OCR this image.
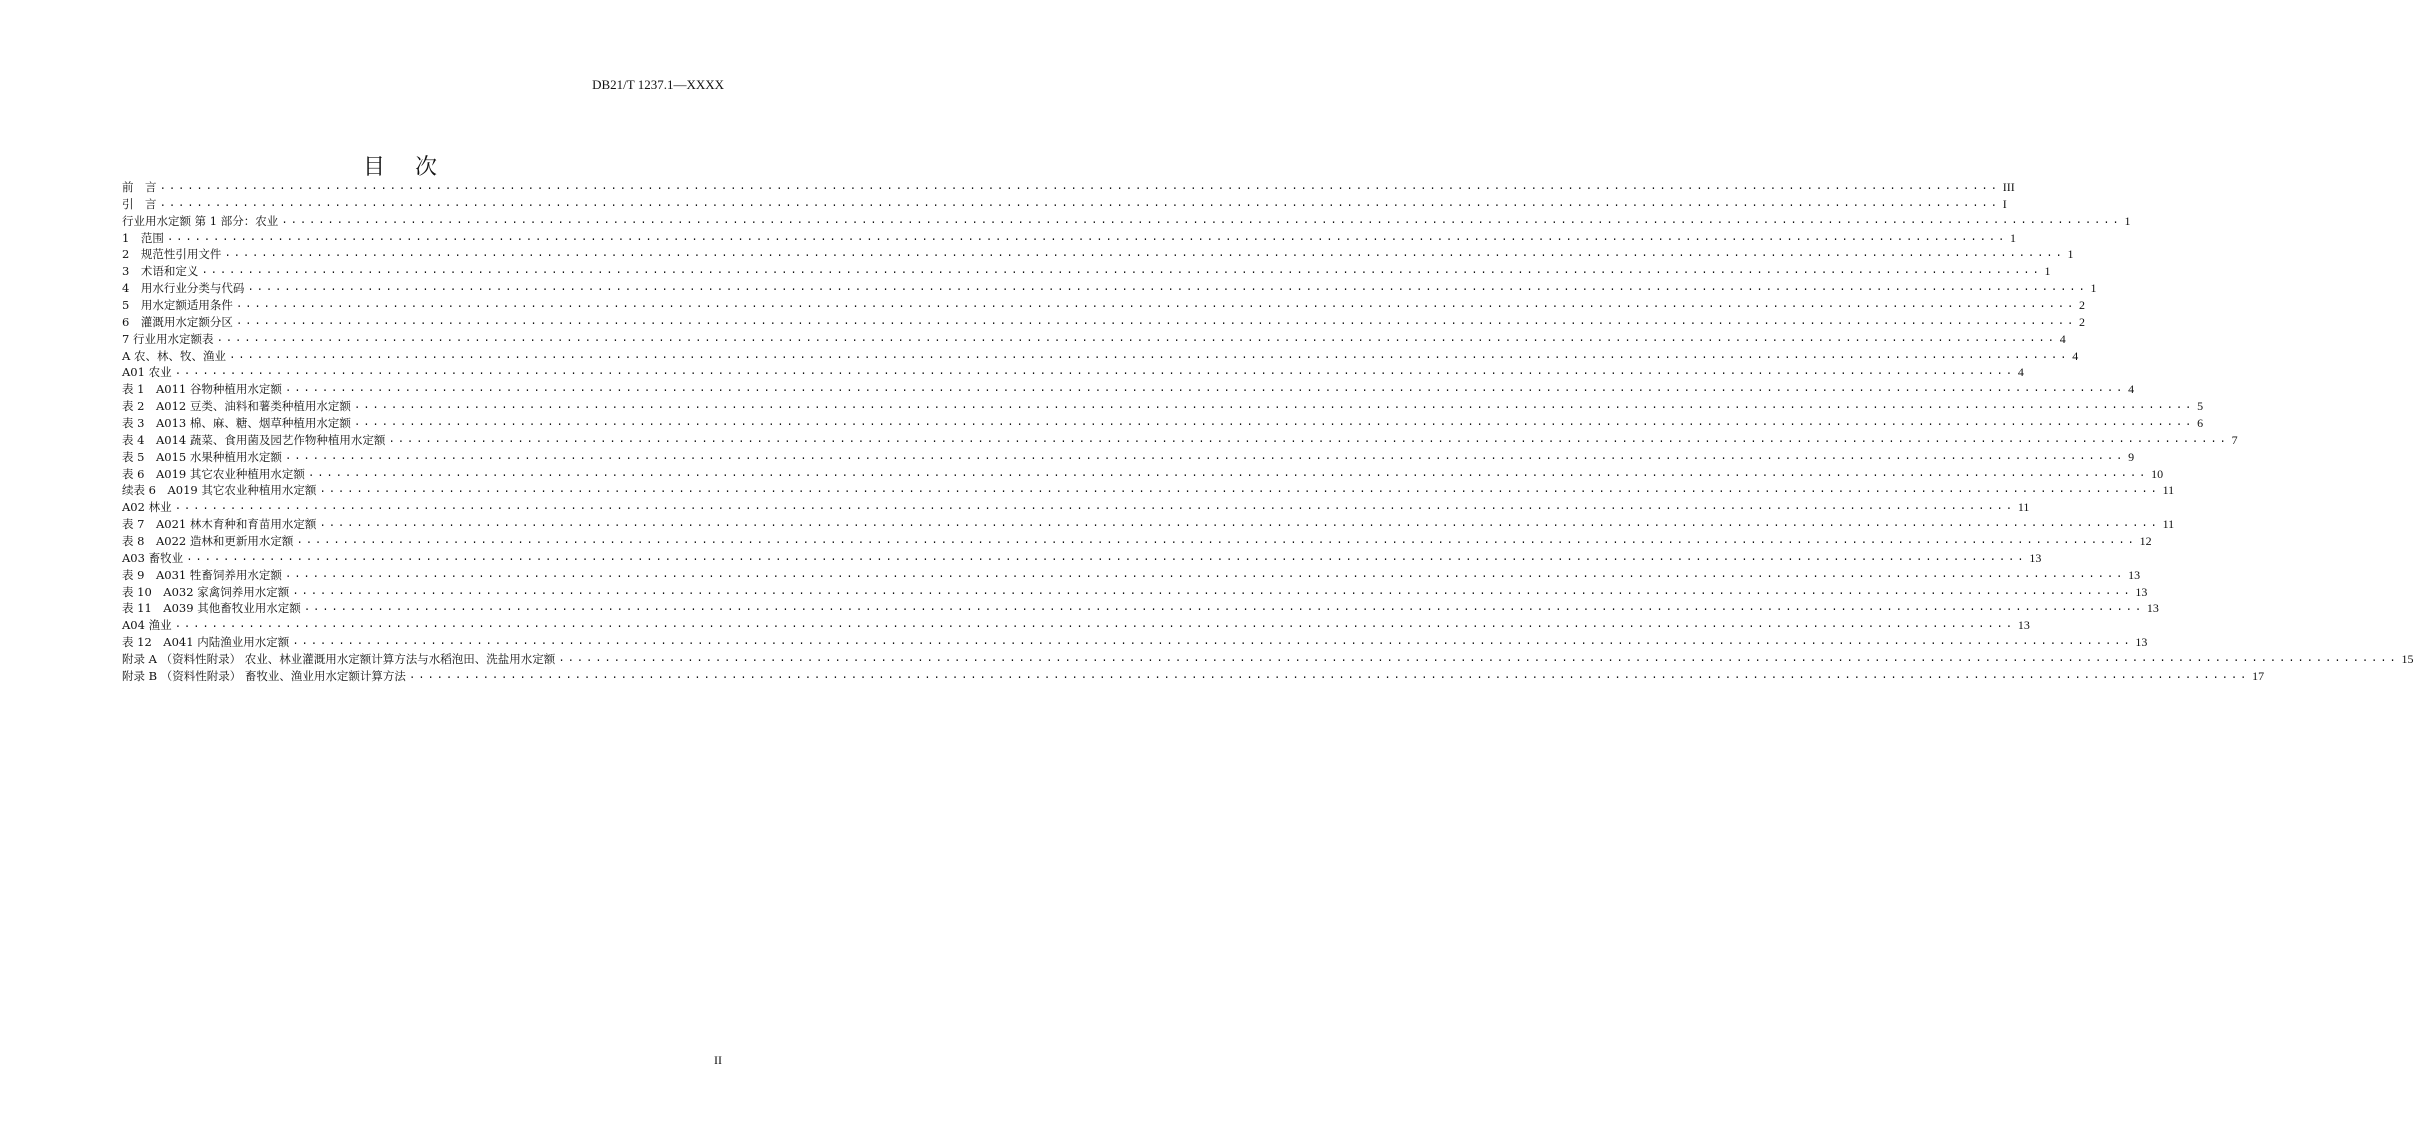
DB21/T 1237.1—XXXX
目次
前　言 ........................................................................................................................................................................................................ III
引　言 ........................................................................................................................................................................................................ I
行业用水定额 第 1 部分：农业 ........................................................................................................................................................................................................ 1
1　范围 ........................................................................................................................................................................................................ 1
2　规范性引用文件 ........................................................................................................................................................................................................ 1
3　术语和定义 ........................................................................................................................................................................................................ 1
4　用水行业分类与代码 ........................................................................................................................................................................................................ 1
5　用水定额适用条件 ........................................................................................................................................................................................................ 2
6　灌溉用水定额分区 ........................................................................................................................................................................................................ 2
7 行业用水定额表 ........................................................................................................................................................................................................ 4
A 农、林、牧、渔业 ........................................................................................................................................................................................................ 4
A01 农业 ........................................................................................................................................................................................................ 4
表 1　A011 谷物种植用水定额 ........................................................................................................................................................................................................ 4
表 2　A012 豆类、油料和薯类种植用水定额 ........................................................................................................................................................................................................ 5
表 3　A013 棉、麻、糖、烟草种植用水定额 ........................................................................................................................................................................................................ 6
表 4　A014 蔬菜、食用菌及园艺作物种植用水定额 ........................................................................................................................................................................................................ 7
表 5　A015 水果种植用水定额 ........................................................................................................................................................................................................ 9
表 6　A019 其它农业种植用水定额 ........................................................................................................................................................................................................ 10
续表 6　A019 其它农业种植用水定额 ........................................................................................................................................................................................................ 11
A02 林业 ........................................................................................................................................................................................................ 11
表 7　A021 林木育种和育苗用水定额 ........................................................................................................................................................................................................ 11
表 8　A022 造林和更新用水定额 ........................................................................................................................................................................................................ 12
A03 畜牧业 ........................................................................................................................................................................................................ 13
表 9　A031 牲畜饲养用水定额 ........................................................................................................................................................................................................ 13
表 10　A032 家禽饲养用水定额 ........................................................................................................................................................................................................ 13
表 11　A039 其他畜牧业用水定额 ........................................................................................................................................................................................................ 13
A04 渔业 ........................................................................................................................................................................................................ 13
表 12　A041 内陆渔业用水定额 ........................................................................................................................................................................................................ 13
附录 A （资料性附录） 农业、林业灌溉用水定额计算方法与水稻泡田、洗盐用水定额 ........................................................................................................................................................................................................ 15
附录 B （资料性附录） 畜牧业、渔业用水定额计算方法 ........................................................................................................................................................................................................ 17
II
